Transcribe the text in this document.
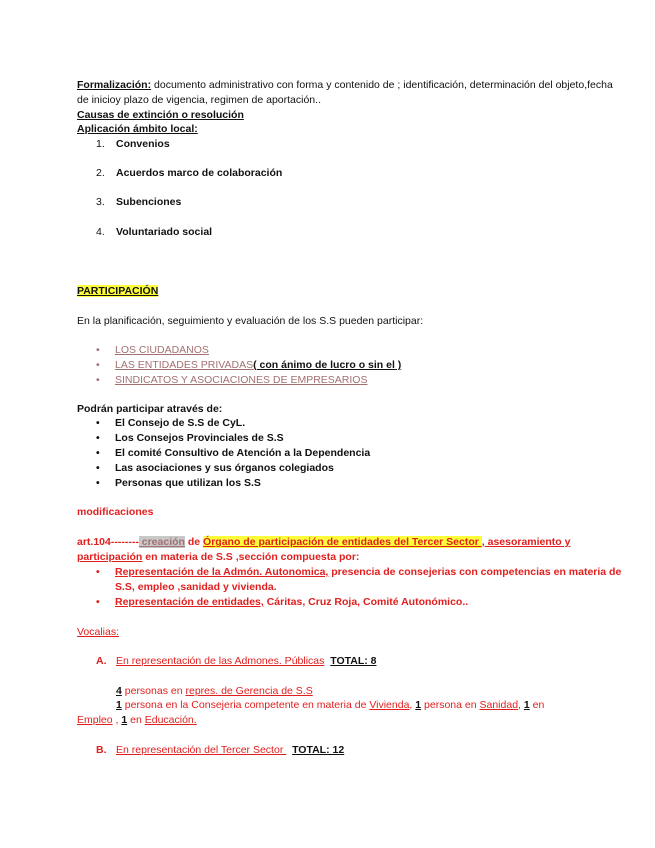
Formalización: documento administrativo con forma y contenido de ; identificación, determinación del objeto,fecha
de inicioy plazo de vigencia, regimen de aportación..
Causas de extinción o resolución
Aplicación ámbito local:
1. Convenios
2. Acuerdos marco de colaboración
3. Subenciones
4. Voluntariado social
PARTICIPACIÓN
En la planificación, seguimiento y evaluación de los S.S pueden participar:
• LOS CIUDADANOS
• LAS ENTIDADES PRIVADAS( con ánimo de lucro o sin el )
• SINDICATOS Y ASOCIACIONES DE EMPRESARIOS
Podrán participar através de:
• El Consejo de S.S de CyL.
• Los Consejos Provinciales de S.S
• El comité Consultivo de Atención a la Dependencia
• Las asociaciones y sus órganos colegiados
• Personas que utilizan los S.S
modificaciones
art.104-------- creación de Órgano de participación de entidades del Tercer Sector , asesoramiento y
participación en materia de S.S ,sección compuesta por:
• Representación de la Admón. Autonomica, presencia de consejerias con competencias en materia de
S.S, empleo ,sanidad y vivienda.
• Representación de entidades, Cáritas, Cruz Roja, Comité Autonómico..
Vocalias:
A. En representación de las Admones. Públicas TOTAL: 8
4 personas en repres. de Gerencia de S.S
1 persona en la Consejeria competente en materia de Vivienda, 1 persona en Sanidad, 1 en
Empleo , 1 en Educación.
B. En representación del Tercer Sector   TOTAL: 12
